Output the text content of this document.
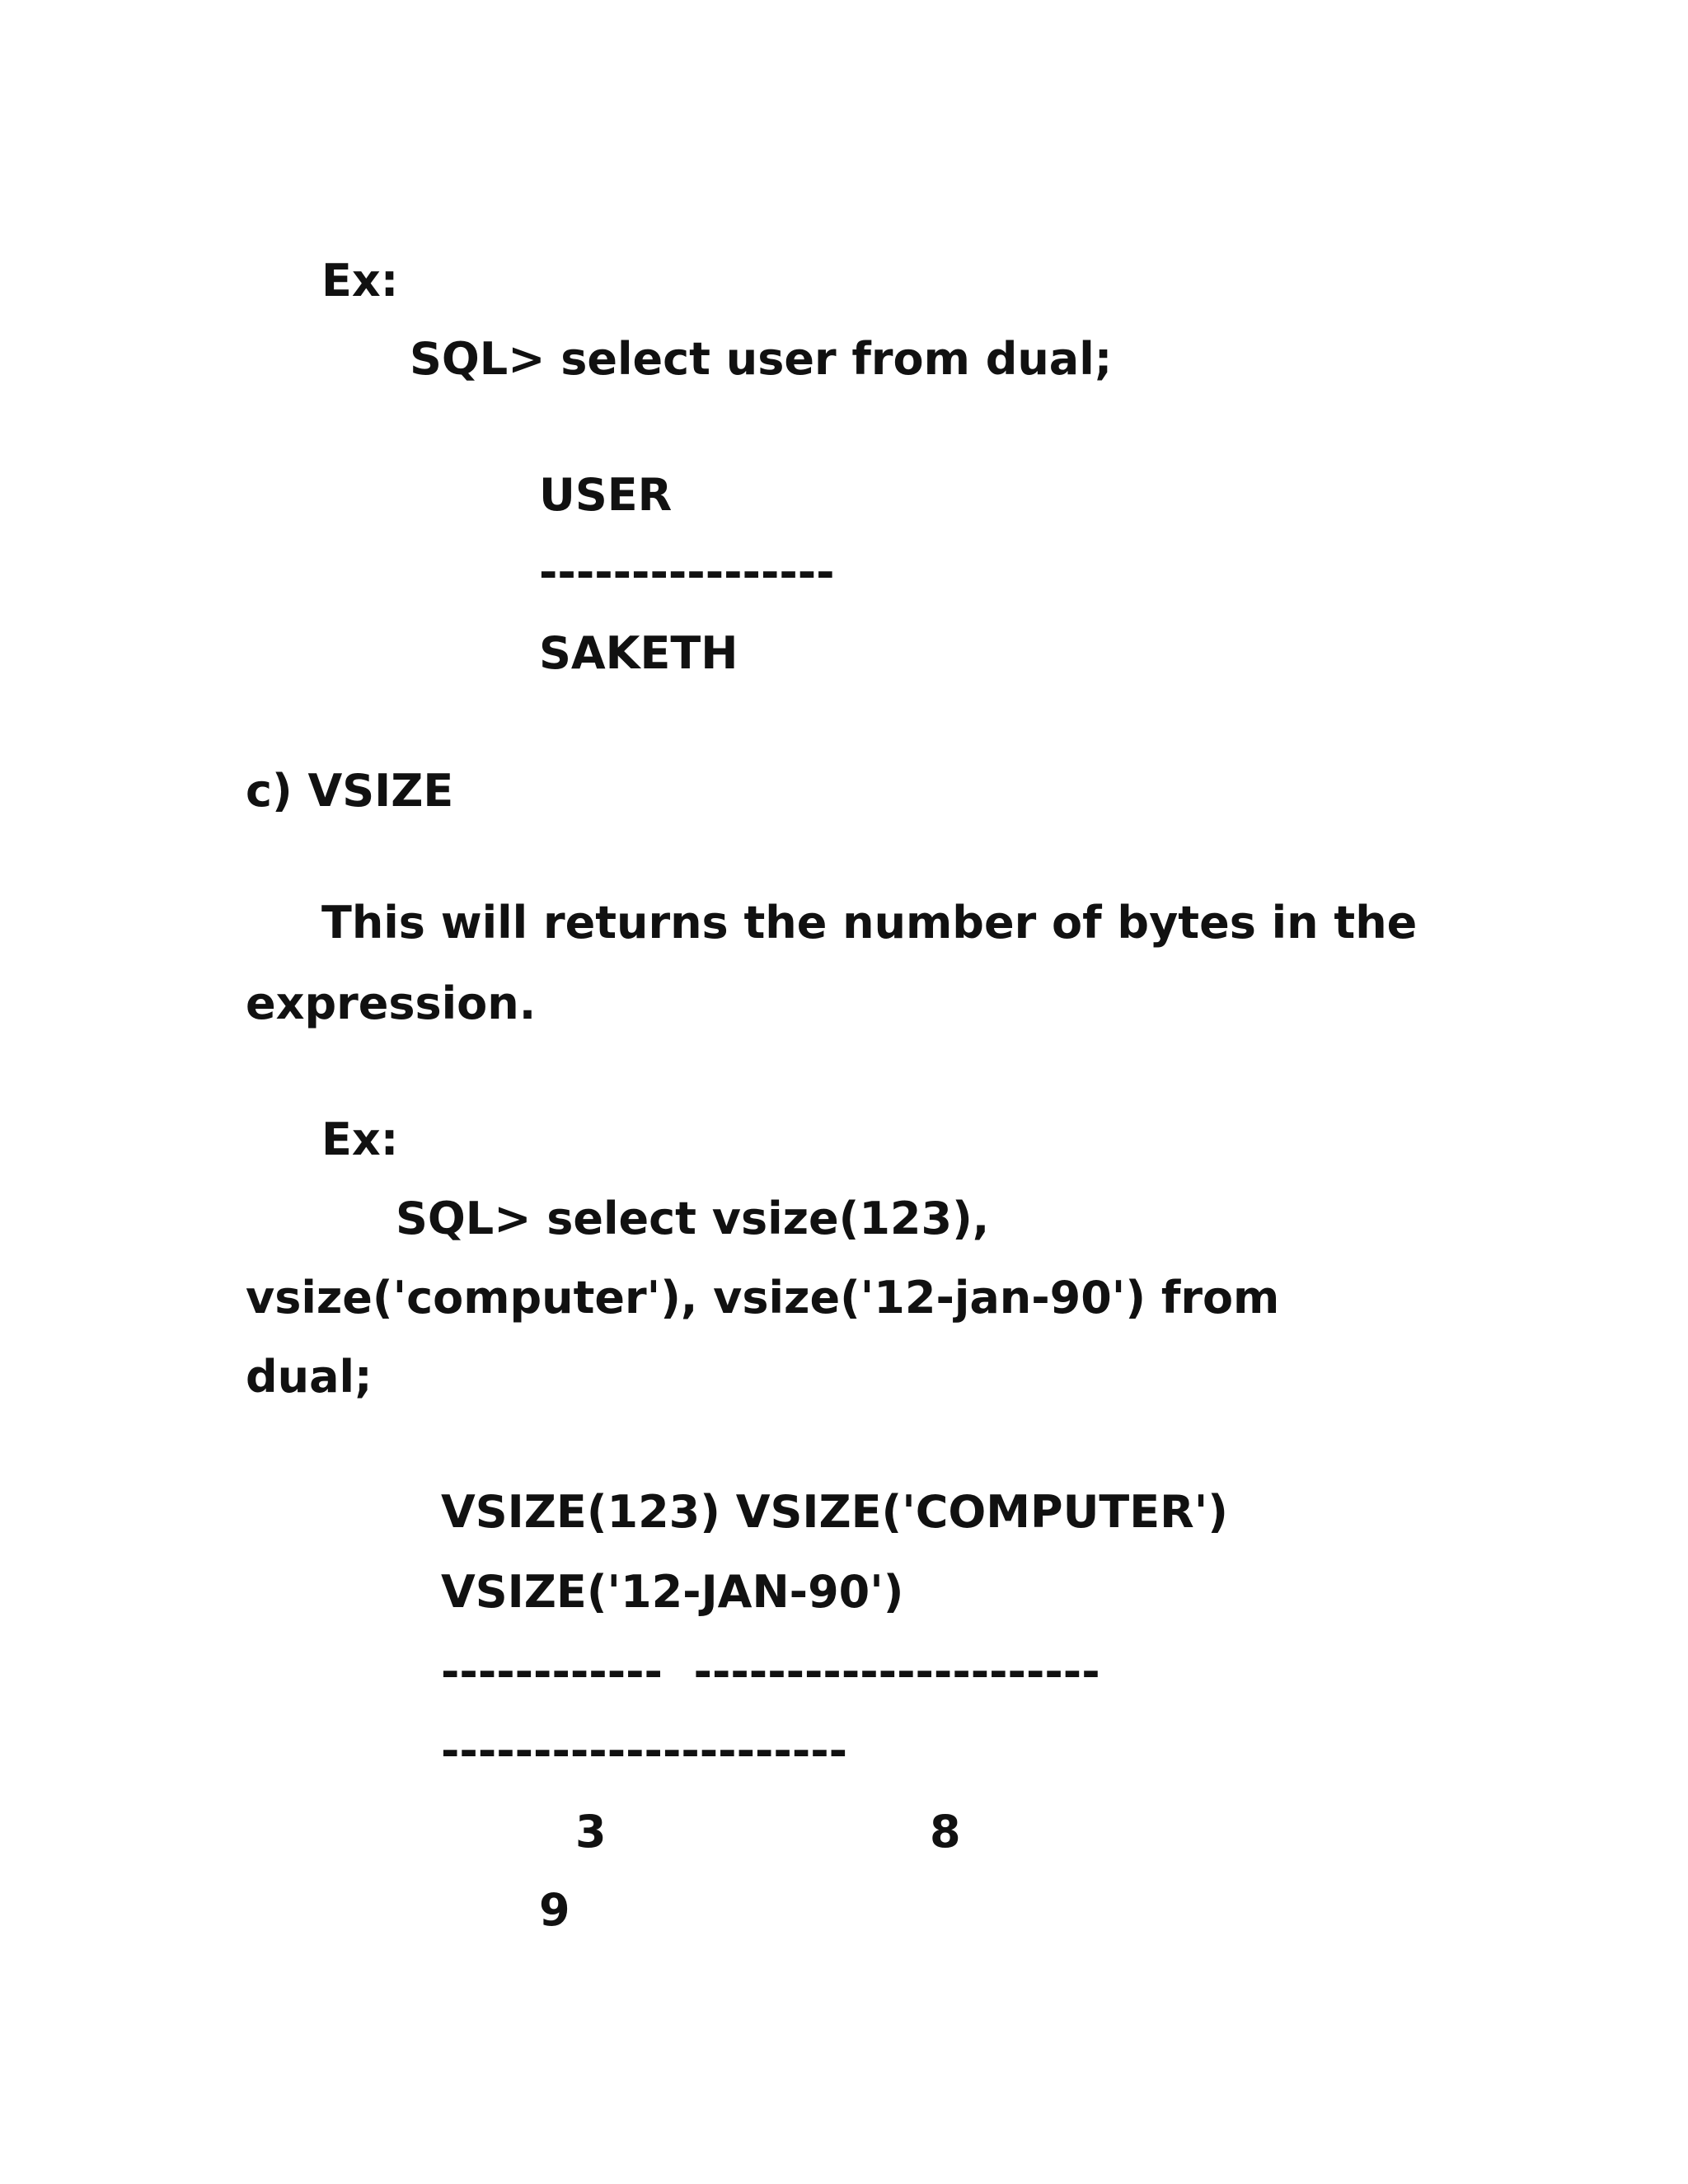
Ex:
SQL> select user from dual;
USER
----------------
SAKETH
c) VSIZE
This will returns the number of bytes in the
expression.
Ex:
SQL> select vsize(123),
vsize('computer'), vsize('12-jan-90') from
dual;
VSIZE(123) VSIZE('COMPUTER')
VSIZE('12-JAN-90')
------------  ----------------------
----------------------
3	8
9
